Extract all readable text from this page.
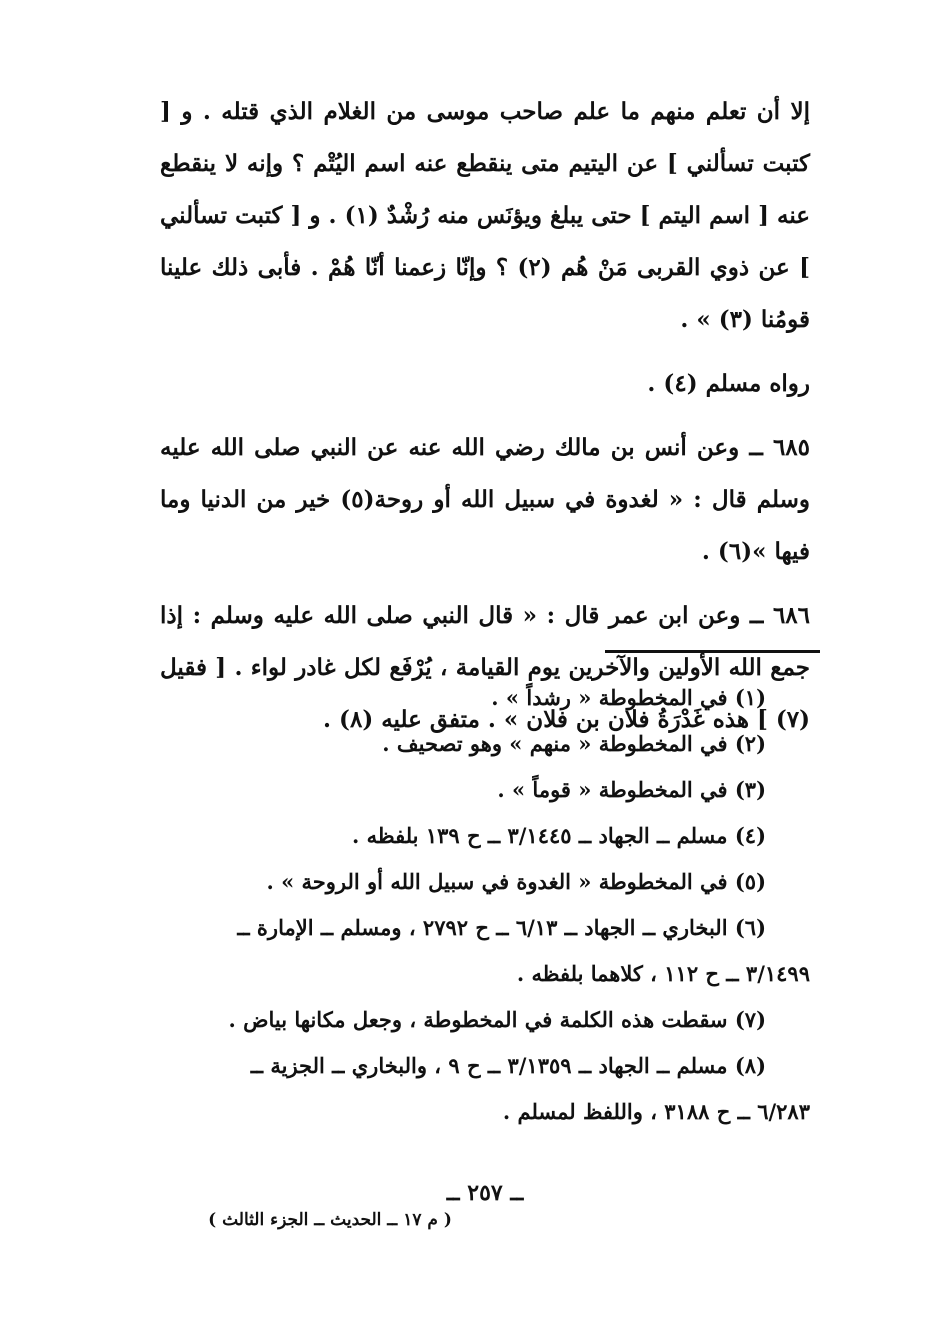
إلا أن تعلم منهم ما علم صاحب موسى من الغلام الذي قتله . و [ كتبت تسألني ] عن اليتيم متى ينقطع عنه اسم اليُتْم ؟ وإنه لا ينقطع عنه [ اسم اليتم ] حتى يبلغ ويؤنَس منه رُشْدٌ (١) . و [ كتبت تسألني ] عن ذوي القربى مَنْ هُم (٢) ؟ وإنّا زعمنا أنّا هُمْ . فأبى ذلك علينا قومُنا (٣) » .

رواه مسلم (٤) .

٦٨٥ ــ وعن أنس بن مالك رضي الله عنه عن النبي صلى الله عليه وسلم قال : « لغدوة في سبيل الله أو روحة(٥) خير من الدنيا وما فيها »(٦) .

٦٨٦ ــ وعن ابن عمر قال : « قال النبي صلى الله عليه وسلم : إذا جمع الله الأولين والآخرين يوم القيامة ، يُرْفَع لكل غادر لواء . [ فقيل (٧) ] هذه غَدْرَةُ فلان بن فلان » . متفق عليه (٨) .

(١) في المخطوطة « رشداً » .

(٢) في المخطوطة « منهم » وهو تصحيف .

(٣) في المخطوطة « قوماً » .

(٤) مسلم ــ الجهاد ــ ٣/١٤٤٥ ــ ح ١٣٩ بلفظه .

(٥) في المخطوطة « الغدوة في سبيل الله أو الروحة » .

(٦) البخاري ــ الجهاد ــ ٦/١٣ ــ ح ٢٧٩٢ ، ومسلم ــ الإمارة ــ

٣/١٤٩٩ ــ ح ١١٢ ، كلاهما بلفظه .

(٧) سقطت هذه الكلمة في المخطوطة ، وجعل مكانها بياض .

(٨) مسلم ــ الجهاد ــ ٣/١٣٥٩ ــ ح ٩ ، والبخاري ــ الجزية ــ

٦/٢٨٣ ــ ح ٣١٨٨ ، واللفظ لمسلم .

ــ ٢٥٧ ــ
( م ١٧ ــ الحديث ــ الجزء الثالث )
